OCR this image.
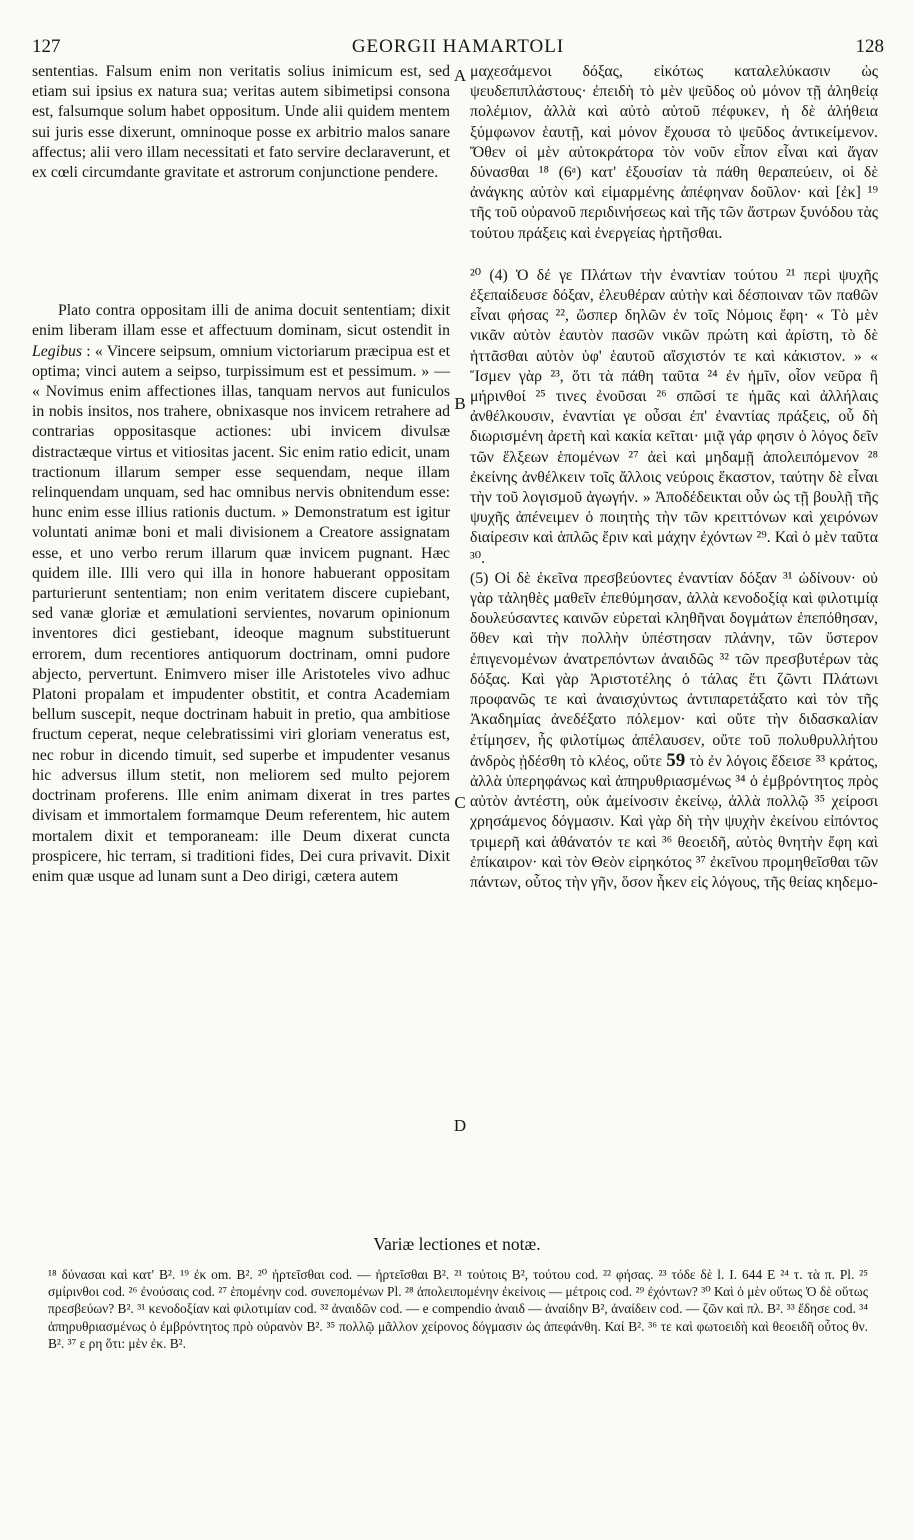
127	GEORGII HAMARTOLI	128

sententias. Falsum enim non veritatis solius inimicum est, sed etiam sui ipsius ex natura sua; veritas autem sibimetipsi consona est, falsumque solum habet oppositum. Unde alii quidem mentem sui juris esse dixerunt, omninoque posse ex arbitrio malos sanare affectus; alii vero illam necessitati et fato servire declaraverunt, et ex cœli circumdante gravitate et astrorum conjunctione pendere.

Plato contra oppositam illi de anima docuit sententiam; dixit enim liberam illam esse et affectuum dominam, sicut ostendit in Legibus : « Vincere seipsum, omnium victoriarum præcipua est et optima; vinci autem a seipso, turpissimum est et pessimum. » — « Novimus enim affectiones illas, tanquam nervos aut funiculos in nobis insitos, nos trahere, obnixasque nos invicem retrahere ad contrarias oppositasque actiones: ubi invicem divulsæ distractæque virtus et vitiositas jacent. Sic enim ratio edicit, unam tractionum illarum semper esse sequendam, neque illam relinquendam unquam, sed hac omnibus nervis obnitendum esse: hunc enim esse illius rationis ductum. » Demonstratum est igitur voluntati animæ boni et mali divisionem a Creatore assignatam esse, et uno verbo rerum illarum quæ invicem pugnant. Hæc quidem ille. Illi vero qui illa in honore habuerant oppositam parturierunt sententiam; non enim veritatem discere cupiebant, sed vanæ gloriæ et æmulationi servientes, novarum opinionum inventores dici gestiebant, ideoque magnum substituerunt errorem, dum recentiores antiquorum doctrinam, omni pudore abjecto, pervertunt. Enimvero miser ille Aristoteles vivo adhuc Platoni propalam et impudenter obstitit, et contra Academiam bellum suscepit, neque doctrinam habuit in pretio, qua ambitiose fructum ceperat, neque celebratissimi viri gloriam veneratus est, nec robur in dicendo timuit, sed superbe et impudenter vesanus hic adversus illum stetit, non meliorem sed multo pejorem doctrinam proferens. Ille enim animam dixerat in tres partes divisam et immortalem formamque Deum referentem, hic autem mortalem dixit et temporaneam: ille Deum dixerat cuncta prospicere, hic terram, si traditioni fides, Dei cura privavit. Dixit enim quæ usque ad lunam sunt a Deo dirigi, cætera autem

μαχεσάμενοι δόξας, εἰκότως καταλελύκασιν ὡς ψευδεπιπλάστους· ἐπειδὴ τὸ μὲν ψεῦδος οὐ μόνον τῇ ἀληθείᾳ πολέμιον, ἀλλὰ καὶ αὐτὸ αὑτοῦ πέφυκεν, ἡ δὲ ἀλήθεια ξύμφωνον ἑαυτῇ, καὶ μόνον ἔχουσα τὸ ψεῦδος ἀντικείμενον. Ὅθεν οἱ μὲν αὐτοκράτορα τὸν νοῦν εἶπον εἶναι καὶ ἄγαν δύνασθαι ¹⁸ (6ᵃ) κατ' ἐξουσίαν τὰ πάθη θεραπεύειν, οἱ δὲ ἀνάγκης αὐτὸν καὶ εἱμαρμένης ἀπέφηναν δοῦλον· καὶ [ἐκ] ¹⁹ τῆς τοῦ οὐρανοῦ περιδινήσεως καὶ τῆς τῶν ἄστρων ξυνόδου τὰς τούτου πράξεις καὶ ἐνεργείας ἠρτῆσθαι.

²⁰ (4) Ὁ δέ γε Πλάτων τὴν ἐναντίαν τούτου ²¹ περὶ ψυχῆς ἐξεπαίδευσε δόξαν, ἐλευθέραν αὐτὴν καὶ δέσποιναν τῶν παθῶν εἶναι φήσας ²², ὥσπερ δηλῶν ἐν τοῖς Νόμοις ἔφη· « Τὸ μὲν νικᾶν αὐτὸν ἑαυτὸν πασῶν νικῶν πρώτη καὶ ἀρίστη, τὸ δὲ ἡττᾶσθαι αὐτὸν ὑφ' ἑαυτοῦ αἴσχιστόν τε καὶ κάκιστον. » « Ἴσμεν γὰρ ²³, ὅτι τὰ πάθη ταῦτα ²⁴ ἐν ἡμῖν, οἷον νεῦρα ἢ μήρινθοί ²⁵ τινες ἐνοῦσαι ²⁶ σπῶσί τε ἡμᾶς καὶ ἀλλήλαις ἀνθέλκουσιν, ἐναντίαι γε οὖσαι ἐπ' ἐναντίας πράξεις, οὗ δὴ διωρισμένη ἀρετὴ καὶ κακία κεῖται· μιᾷ γάρ φησιν ὁ λόγος δεῖν τῶν ἕλξεων ἑπομένων ²⁷ ἀεὶ καὶ μηδαμῇ ἀπολειπόμενον ²⁸ ἐκείνης ἀνθέλκειν τοῖς ἄλλοις νεύροις ἕκαστον, ταύτην δὲ εἶναι τὴν τοῦ λογισμοῦ ἀγωγήν. » Ἀποδέδεικται οὖν ὡς τῇ βουλῇ τῆς ψυχῆς ἀπένειμεν ὁ ποιητὴς τὴν τῶν κρειττόνων καὶ χειρόνων διαίρεσιν καὶ ἁπλῶς ἔριν καὶ μάχην ἐχόντων ²⁹. Καὶ ὁ μὲν ταῦτα ³⁰.

(5) Οἱ δὲ ἐκεῖνα πρεσβεύοντες ἐναντίαν δόξαν ³¹ ὠδίνουν· οὐ γὰρ τἀληθὲς μαθεῖν ἐπεθύμησαν, ἀλλὰ κενοδοξίᾳ καὶ φιλοτιμίᾳ δουλεύσαντες καινῶν εὑρεταὶ κληθῆναι δογμάτων ἐπεπόθησαν, ὅθεν καὶ τὴν πολλὴν ὑπέστησαν πλάνην, τῶν ὕστερον ἐπιγενομένων ἀνατρεπόντων ἀναιδῶς ³² τῶν πρεσβυτέρων τὰς δόξας. Καὶ γὰρ Ἀριστοτέλης ὁ τάλας ἔτι ζῶντι Πλάτωνι προφανῶς τε καὶ ἀναισχύντως ἀντιπαρετάξατο καὶ τὸν τῆς Ἀκαδημίας ἀνεδέξατο πόλεμον· καὶ οὔτε τὴν διδασκαλίαν ἐτίμησεν, ἧς φιλοτίμως ἀπέλαυσεν, οὔτε τοῦ πολυθρυλλήτου ἀνδρὸς ᾐδέσθη τὸ κλέος, οὔτε 59 τὸ ἐν λόγοις ἔδεισε ³³ κράτος, ἀλλὰ ὑπερηφάνως καὶ ἀπηρυθριασμένως ³⁴ ὁ ἐμβρόντητος πρὸς αὐτὸν ἀντέστη, οὐκ ἀμείνοσιν ἐκείνῳ, ἀλλὰ πολλῷ ³⁵ χείροσι χρησάμενος δόγμασιν. Καὶ γὰρ δὴ τὴν ψυχὴν ἐκείνου εἰπόντος τριμερῆ καὶ ἀθάνατόν τε καὶ ³⁶ θεοειδῆ, αὐτὸς θνητὴν ἔφη καὶ ἐπίκαιρον· καὶ τὸν Θεὸν εἰρηκότος ³⁷ ἐκεῖνου προμηθεῖσθαι τῶν πάντων, οὗτος τὴν γῆν, ὅσον ἧκεν εἰς λόγους, τῆς θείας κηδεμο-

A
B
C
D
Variæ lectiones et notæ.
¹⁸ δύνασαι καὶ κατ' B². ¹⁹ ἐκ om. B². ²⁰ ἠρτεῖσθαι cod. — ἠρτεῖσθαι B². ²¹ τούτοις B², τούτου cod. ²² φήσας. ²³ τόδε δὲ l. I. 644 E ²⁴ τ. τὰ π. Pl. ²⁵ σμίρινθοι cod. ²⁶ ἐνούσαις cod. ²⁷ ἑπομένην cod. συνεπομένων Pl. ²⁸ ἀπολειπομένην ἐκείνοις — μέτροις cod. ²⁹ ἐχόντων? ³⁰ Καὶ ὁ μὲν οὕτως Ὁ δὲ οὕτως πρεσβεύων? B². ³¹ κενοδοξίαν καὶ φιλοτιμίαν cod. ³² ἀναιδῶν cod. — e compendio ἀναιδ — ἀναίδην B², ἀναίδειν cod. — ζῶν καὶ πλ. B². ³³ ἔδησε cod. ³⁴ ἀπηρυθριασμένως ὁ ἐμβρόντητος πρὸ οὐρανὸν B². ³⁵ πολλῷ μᾶλλον χείρονος δόγμασιν ὡς ἀπεφάνθη. Καί B². ³⁶ τε καὶ φωτοειδὴ καὶ θεοειδῆ οὗτος θν. B². ³⁷ ε ρη ὅτι: μὲν ἐκ. B².
